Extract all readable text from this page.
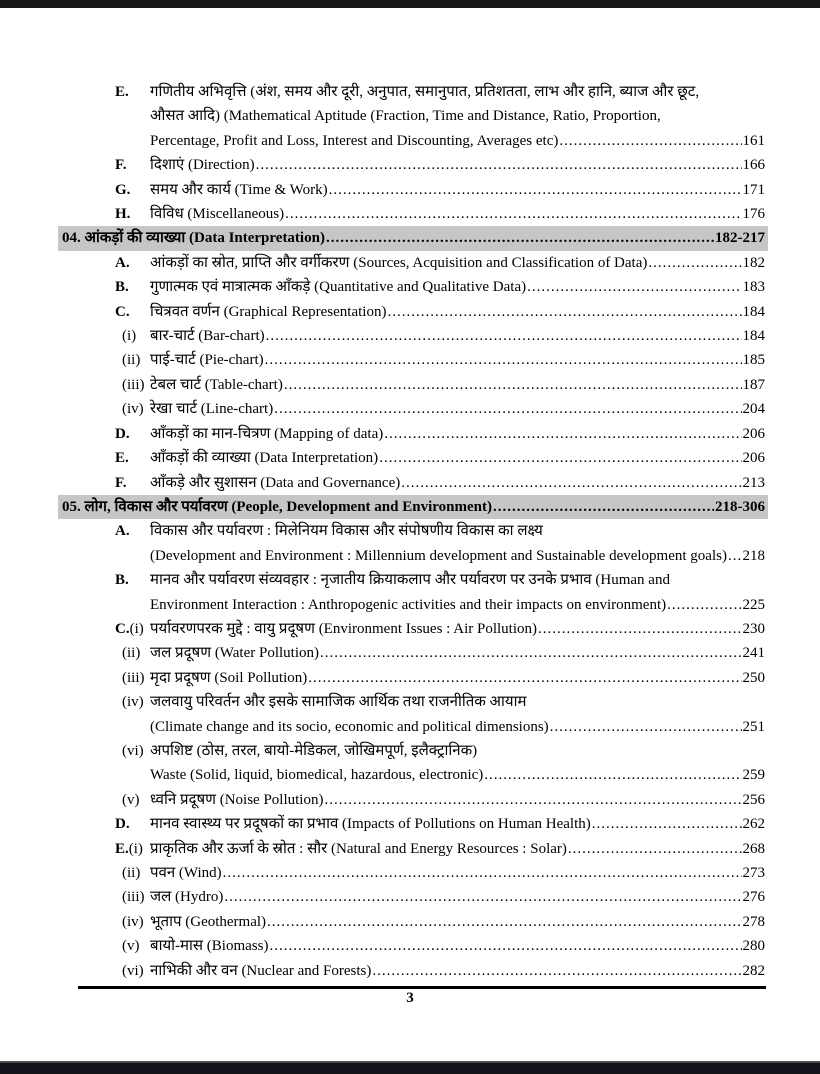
E.	गणितीय अभिवृत्ति (अंश, समय और दूरी, अनुपात, समानुपात, प्रतिशतता, लाभ और हानि, ब्याज और छूट,
औसत आदि) (Mathematical Aptitude (Fraction, Time and Distance, Ratio, Proportion,
Percentage, Profit and Loss, Interest and Discounting, Averages etc) .....	161
F.	दिशाएं (Direction) .....	166
G.	समय और कार्य (Time & Work) .....	171
H.	विविध (Miscellaneous) .....	176
04. आंकड़ों की व्याख्या (Data Interpretation) .....	182-217
A.	आंकड़ों का स्रोत, प्राप्ति और वर्गीकरण (Sources, Acquisition and Classification of Data) .....	182
B.	गुणात्मक एवं मात्रात्मक आँकड़े (Quantitative and Qualitative Data) .....	183
C.	चित्रवत वर्णन (Graphical Representation) .....	184
(i) बार-चार्ट (Bar-chart) .....	184
(ii) पाई-चार्ट (Pie-chart) .....	185
(iii) टेबल चार्ट (Table-chart) .....	187
(iv) रेखा चार्ट (Line-chart) .....	204
D.	आँकड़ों का मान-चित्रण (Mapping of data) .....	206
E.	आँकड़ों की व्याख्या (Data Interpretation) .....	206
F.	आँकड़े और सुशासन (Data and Governance) .....	213
05. लोग, विकास और पर्यावरण (People, Development and Environment) .....	218-306
A.	विकास और पर्यावरण : मिलेनियम विकास और संपोषणीय विकास का लक्ष्य
(Development and Environment : Millennium development and Sustainable development goals) ..... 218
B.	मानव और पर्यावरण संव्यवहार : नृजातीय क्रियाकलाप और पर्यावरण पर उनके प्रभाव (Human and
Environment Interaction : Anthropogenic activities and their impacts on environment) .....	225
C.(i) पर्यावरणपरक मुद्दे : वायु प्रदूषण (Environment Issues : Air Pollution) .....	230
(ii) जल प्रदूषण (Water Pollution) .....	241
(iii) मृदा प्रदूषण (Soil Pollution) .....	250
(iv) जलवायु परिवर्तन और इसके सामाजिक आर्थिक तथा राजनीतिक आयाम
(Climate change and its socio, economic and political dimensions) .....	251
(vi) अपशिष्ट (ठोस, तरल, बायो-मेडिकल, जोखिमपूर्ण, इलैक्ट्रानिक)
Waste (Solid, liquid, biomedical, hazardous, electronic) .....	259
(v) ध्वनि प्रदूषण (Noise Pollution) .....	256
D.	मानव स्वास्थ्य पर प्रदूषकों का प्रभाव (Impacts of Pollutions on Human Health) .....	262
E.(i) प्राकृतिक और ऊर्जा के स्रोत : सौर (Natural and Energy Resources : Solar) .....	268
(ii) पवन (Wind) .....	273
(iii) जल (Hydro) .....	276
(iv) भूताप (Geothermal) .....	278
(v) बायो-मास (Biomass) .....	280
(vi) नाभिकी और वन (Nuclear and Forests) .....	282
3
